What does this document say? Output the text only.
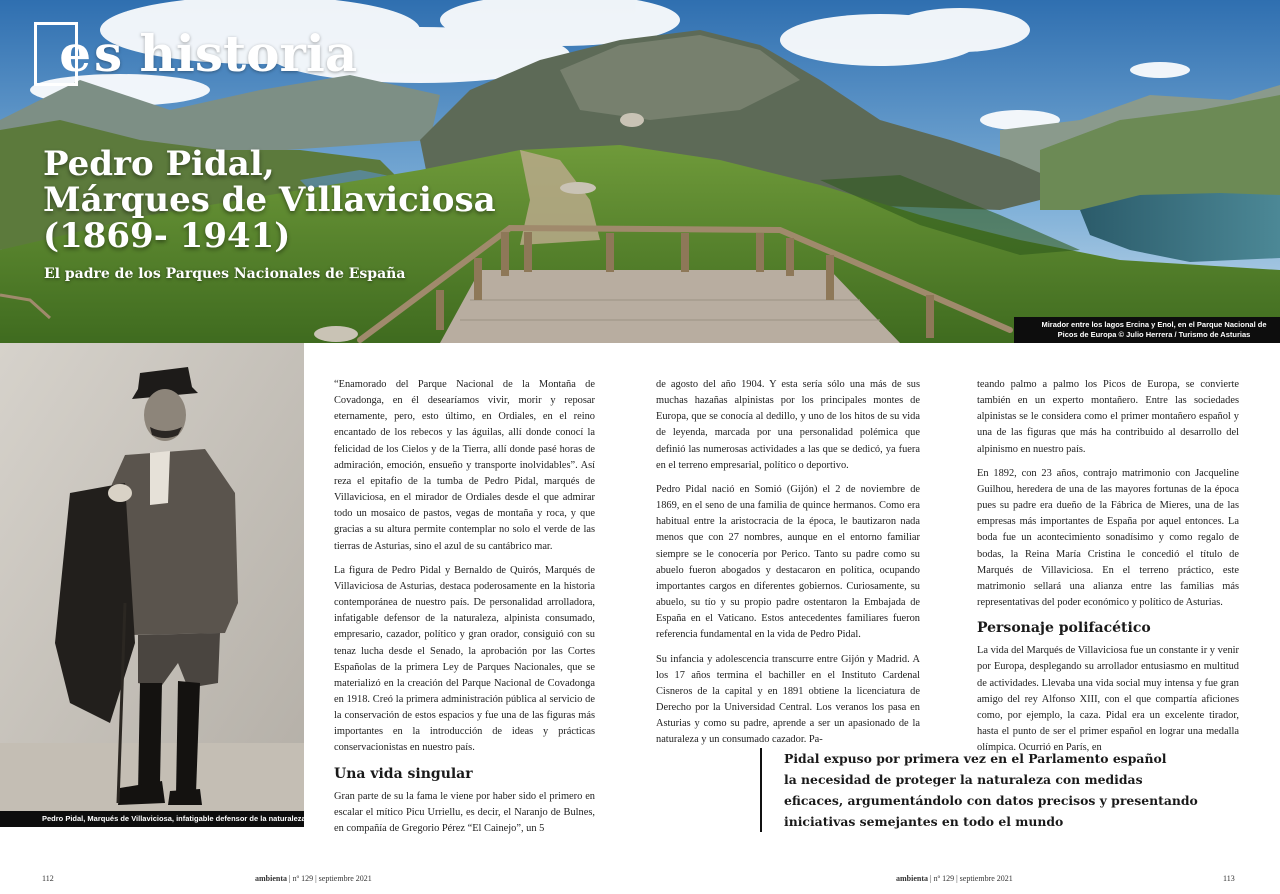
e s historia
Pedro Pidal,
Márques de Villaviciosa
(1869- 1941)
El padre de los Parques Nacionales de España
Mirador entre los lagos Ercina y Enol, en el Parque Nacional de Picos de Europa © Julio Herrera / Turismo de Asturias
Pedro Pidal, Marqués de Villaviciosa, infatigable defensor de la naturaleza

“Enamorado del Parque Nacional de la Montaña de Covadonga, en él desearíamos vivir, morir y reposar eternamente, pero, esto último, en Ordiales, en el reino encantado de los rebecos y las águilas, allí donde conocí la felicidad de los Cielos y de la Tierra, allí donde pasé horas de admiración, emoción, ensueño y transporte inolvidables”. Así reza el epitafio de la tumba de Pedro Pidal, marqués de Villaviciosa, en el mirador de Ordiales desde el que admirar todo un mosaico de pastos, vegas de montaña y roca, y que gracias a su altura permite contemplar no solo el verde de las tierras de Asturias, sino el azul de su cantábrico mar.

La figura de Pedro Pidal y Bernaldo de Quirós, Marqués de Villaviciosa de Asturias, destaca poderosamente en la historia contemporánea de nuestro país. De personalidad arrolladora, infatigable defensor de la naturaleza, alpinista consumado, empresario, cazador, político y gran orador, consiguió con su tenaz lucha desde el Senado, la aprobación por las Cortes Españolas de la primera Ley de Parques Nacionales, que se materializó en la creación del Parque Nacional de Covadonga en 1918. Creó la primera administración pública al servicio de la conservación de estos espacios y fue una de las figuras más importantes en la introducción de ideas y prácticas conservacionistas en nuestro país.

Una vida singular

Gran parte de su la fama le viene por haber sido el primero en escalar el mítico Picu Urriellu, es decir, el Naranjo de Bulnes, en compañía de Gregorio Pérez “El Cainejo”, un 5

de agosto del año 1904. Y esta sería sólo una más de sus muchas hazañas alpinistas por los principales montes de Europa, que se conocía al dedillo, y uno de los hitos de su vida de leyenda, marcada por una personalidad polémica que definió las numerosas actividades a las que se dedicó, ya fuera en el terreno empresarial, político o deportivo.

Pedro Pidal nació en Somió (Gijón) el 2 de noviembre de 1869, en el seno de una familia de quince hermanos. Como era habitual entre la aristocracia de la época, le bautizaron nada menos que con 27 nombres, aunque en el entorno familiar siempre se le conocería por Perico. Tanto su padre como su abuelo fueron abogados y destacaron en política, ocupando importantes cargos en diferentes gobiernos. Curiosamente, su abuelo, su tío y su propio padre ostentaron la Embajada de España en el Vaticano. Estos antecedentes familiares fueron referencia fundamental en la vida de Pedro Pidal.

Su infancia y adolescencia transcurre entre Gijón y Madrid. A los 17 años termina el bachiller en el Instituto Cardenal Cisneros de la capital y en 1891 obtiene la licenciatura de Derecho por la Universidad Central. Los veranos los pasa en Asturias y como su padre, aprende a ser un apasionado de la naturaleza y un consumado cazador. Pa-

teando palmo a palmo los Picos de Europa, se convierte también en un experto montañero. Entre las sociedades alpinistas se le considera como el primer montañero español y una de las figuras que más ha contribuido al desarrollo del alpinismo en nuestro país.

En 1892, con 23 años, contrajo matrimonio con Jacqueline Guilhou, heredera de una de las mayores fortunas de la época pues su padre era dueño de la Fábrica de Mieres, una de las empresas más importantes de España por aquel entonces. La boda fue un acontecimiento sonadísimo y como regalo de bodas, la Reina María Cristina le concedió el título de Marqués de Villaviciosa. En el terreno práctico, este matrimonio sellará una alianza entre las familias más representativas del poder económico y político de Asturias.

Personaje polifacético

La vida del Marqués de Villaviciosa fue un constante ir y venir por Europa, desplegando su arrollador entusiasmo en multitud de actividades. Llevaba una vida social muy intensa y fue gran amigo del rey Alfonso XIII, con el que compartía aficiones como, por ejemplo, la caza. Pidal era un excelente tirador, hasta el punto de ser el primer español en lograr una medalla olímpica. Ocurrió en París, en

Pidal expuso por primera vez en el Parlamento español
la necesidad de proteger la naturaleza con medidas
eficaces, argumentándolo con datos precisos y presentando
iniciativas semejantes en todo el mundo
112	ambienta | nº 129 | septiembre 2021	ambienta | nº 129 | septiembre 2021	113
